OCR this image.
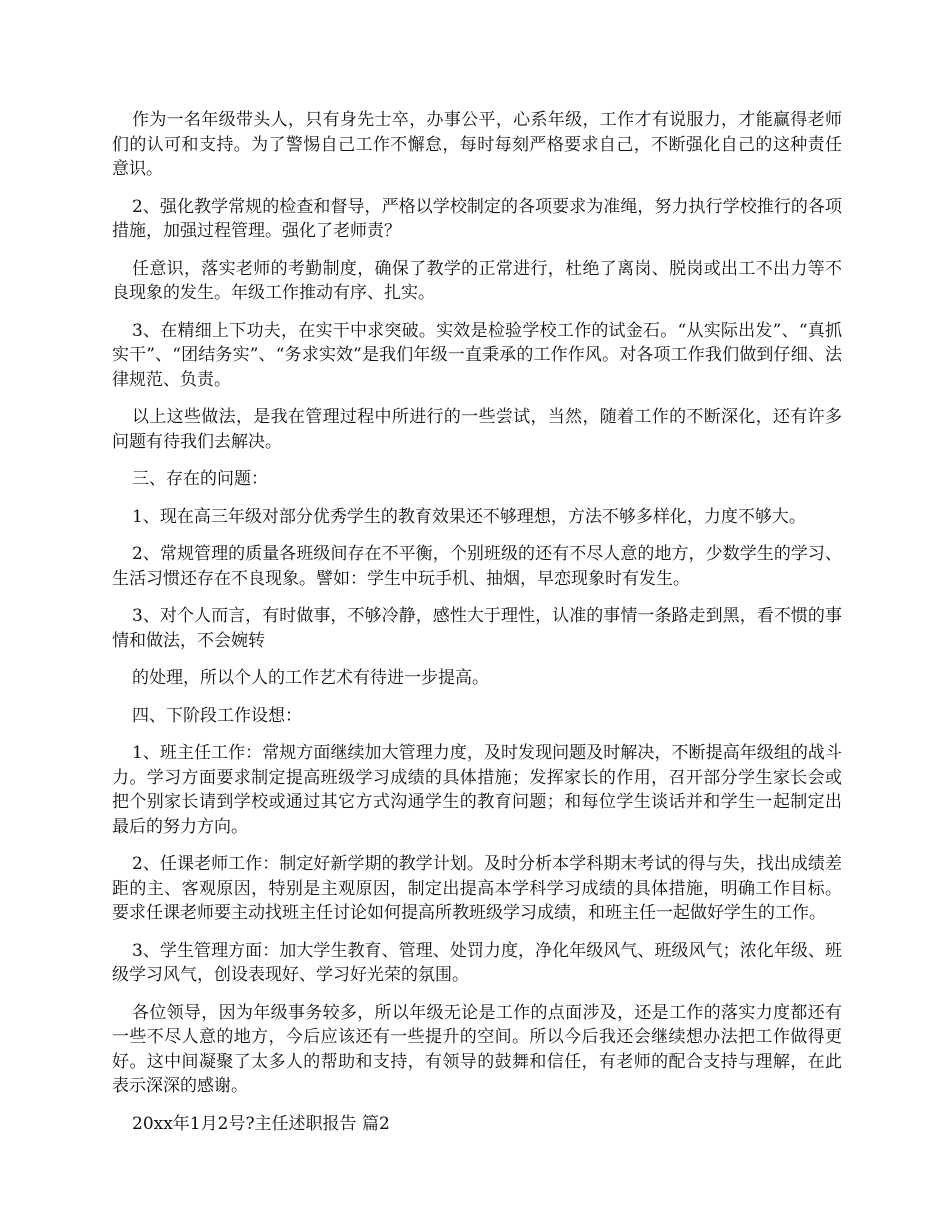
作为一名年级带头人，只有身先士卒，办事公平，心系年级，工作才有说服力，才能赢得老师们的认可和支持。为了警惕自己工作不懈怠，每时每刻严格要求自己，不断强化自己的这种责任意识。

2、强化教学常规的检查和督导，严格以学校制定的各项要求为准绳，努力执行学校推行的各项措施，加强过程管理。强化了老师责？

任意识，落实老师的考勤制度，确保了教学的正常进行，杜绝了离岗、脱岗或出工不出力等不良现象的发生。年级工作推动有序、扎实。

3、在精细上下功夫，在实干中求突破。实效是检验学校工作的试金石。“从实际出发”、“真抓实干”、“团结务实”、“务求实效”是我们年级一直秉承的工作作风。对各项工作我们做到仔细、法律规范、负责。

以上这些做法，是我在管理过程中所进行的一些尝试，当然，随着工作的不断深化，还有许多问题有待我们去解决。

三、存在的问题：

1、现在高三年级对部分优秀学生的教育效果还不够理想，方法不够多样化，力度不够大。

2、常规管理的质量各班级间存在不平衡，个别班级的还有不尽人意的地方，少数学生的学习、生活习惯还存在不良现象。譬如：学生中玩手机、抽烟，早恋现象时有发生。

3、对个人而言，有时做事，不够冷静，感性大于理性，认准的事情一条路走到黑，看不惯的事情和做法，不会婉转

的处理，所以个人的工作艺术有待进一步提高。

四、下阶段工作设想：

1、班主任工作：常规方面继续加大管理力度，及时发现问题及时解决，不断提高年级组的战斗力。学习方面要求制定提高班级学习成绩的具体措施；发挥家长的作用，召开部分学生家长会或把个别家长请到学校或通过其它方式沟通学生的教育问题；和每位学生谈话并和学生一起制定出最后的努力方向。

2、任课老师工作：制定好新学期的教学计划。及时分析本学科期末考试的得与失，找出成绩差距的主、客观原因，特别是主观原因，制定出提高本学科学习成绩的具体措施，明确工作目标。要求任课老师要主动找班主任讨论如何提高所教班级学习成绩，和班主任一起做好学生的工作。

3、学生管理方面：加大学生教育、管理、处罚力度，净化年级风气、班级风气；浓化年级、班级学习风气，创设表现好、学习好光荣的氛围。

各位领导，因为年级事务较多，所以年级无论是工作的点面涉及，还是工作的落实力度都还有一些不尽人意的地方，今后应该还有一些提升的空间。所以今后我还会继续想办法把工作做得更好。这中间凝聚了太多人的帮助和支持，有领导的鼓舞和信任，有老师的配合支持与理解，在此表示深深的感谢。

20xx年1月2号?主任述职报告 篇2
